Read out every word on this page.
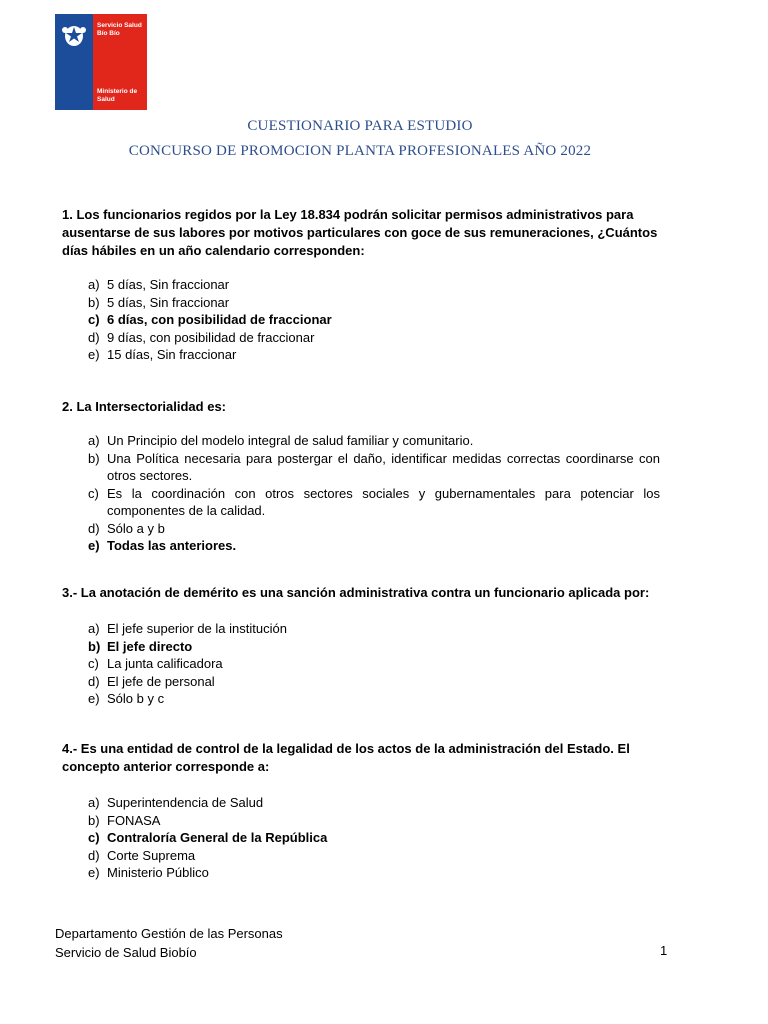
Servicio Salud
Bío Bío
Ministerio de
Salud
CUESTIONARIO PARA ESTUDIO
CONCURSO DE PROMOCION PLANTA PROFESIONALES AÑO 2022
1. Los funcionarios regidos por la Ley 18.834 podrán solicitar permisos administrativos para ausentarse de sus labores por motivos particulares con goce de sus remuneraciones, ¿Cuántos días hábiles en un año calendario corresponden:
a) 5 días, Sin fraccionar
b) 5 días, Sin fraccionar
c) 6 días, con posibilidad de fraccionar
d) 9 días, con posibilidad de fraccionar
e) 15 días, Sin fraccionar
2. La Intersectorialidad es:
a) Un Principio del modelo integral de salud familiar y comunitario.
b) Una Política necesaria para postergar el daño, identificar medidas correctas coordinarse con otros sectores.
c) Es la coordinación con otros sectores sociales y gubernamentales para potenciar los componentes de la calidad.
d) Sólo a y b
e) Todas las anteriores.
3.- La anotación de demérito es una sanción administrativa contra un funcionario aplicada por:
a) El jefe superior de la institución
b) El jefe directo
c) La junta calificadora
d) El jefe de personal
e) Sólo b y c
4.- Es una entidad de control de la legalidad de los actos de la administración del Estado. El concepto anterior corresponde a:
a) Superintendencia de Salud
b) FONASA
c) Contraloría General de la República
d) Corte Suprema
e) Ministerio Público
Departamento Gestión de las Personas
Servicio de Salud Biobío	1
